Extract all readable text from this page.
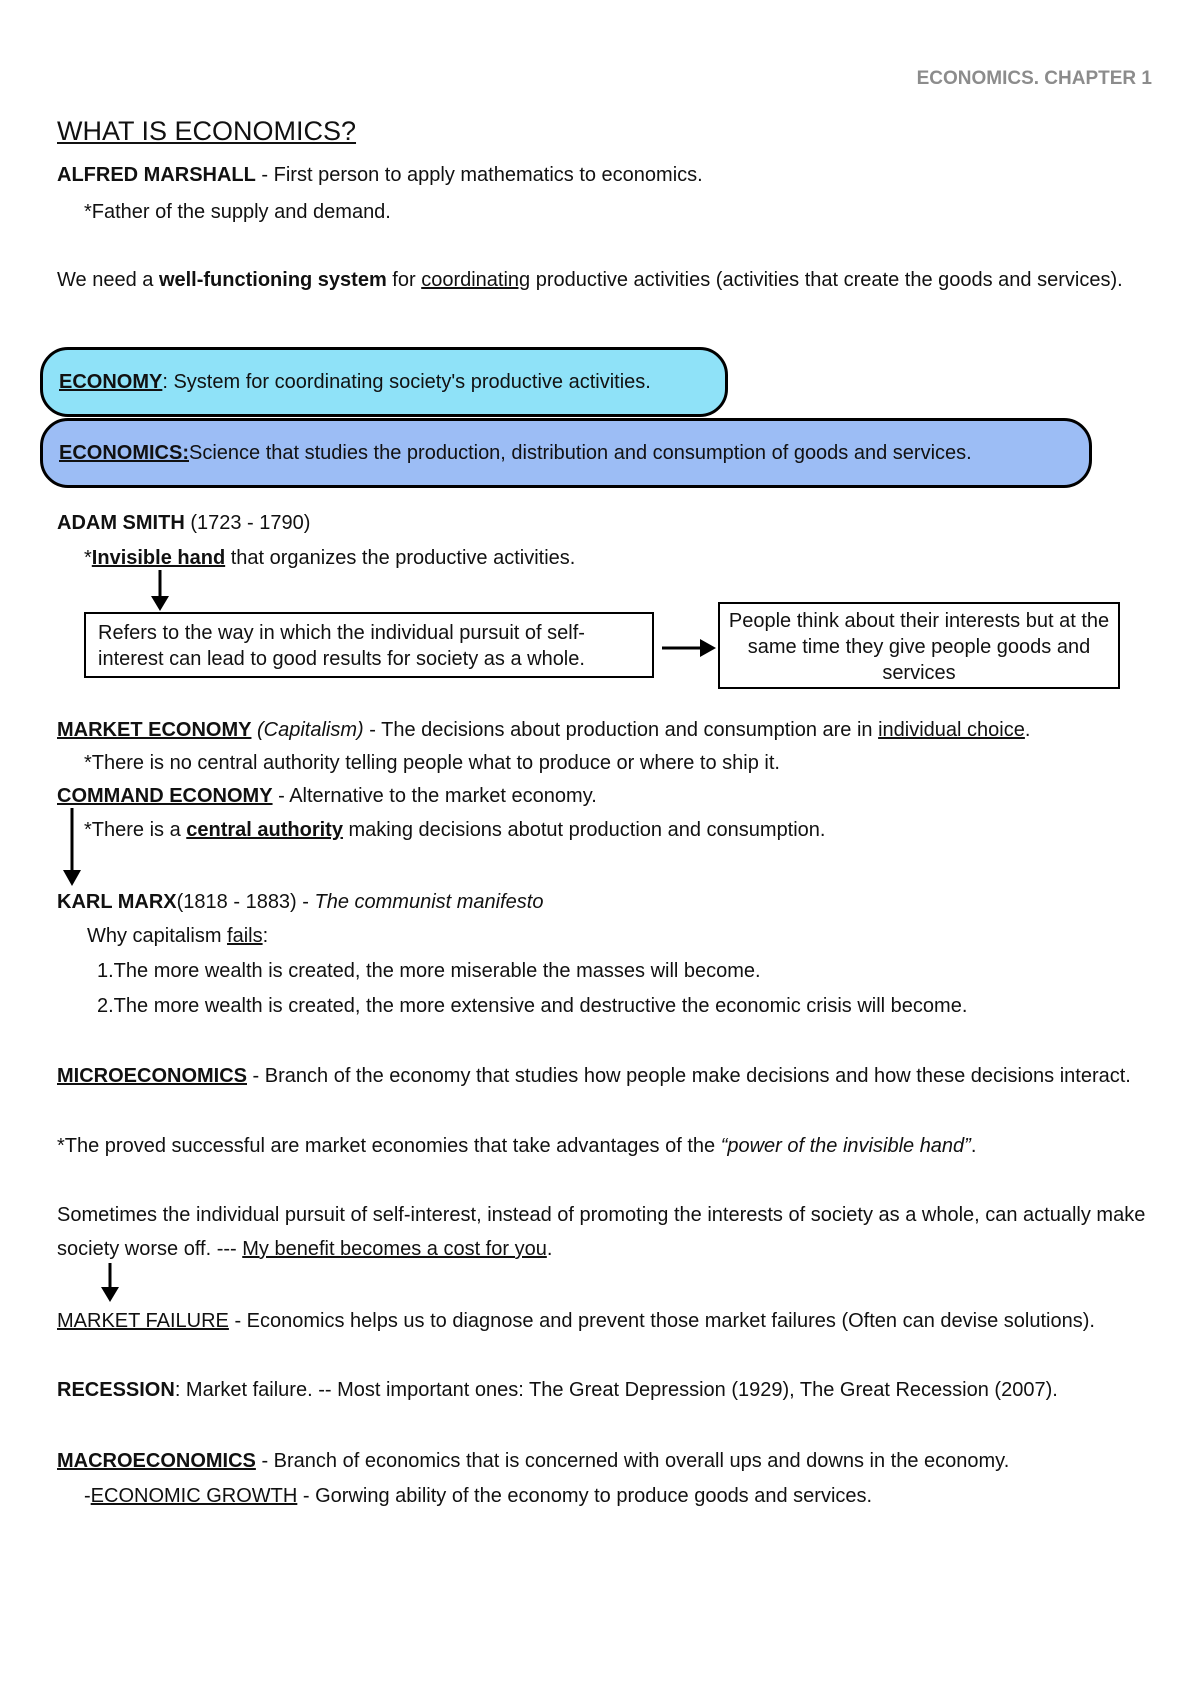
ECONOMICS. CHAPTER 1
WHAT IS ECONOMICS?
ALFRED MARSHALL - First person to apply mathematics to economics.
*Father of the supply and demand.
We need a well-functioning system for coordinating productive activities (activities that create the goods and services).
ECONOMY : System for coordinating society's productive activities.
ECONOMICS: Science that studies the production, distribution and consumption of goods and services.
ADAM SMITH (1723 - 1790)
*Invisible hand that organizes the productive activities.
Refers to the way in which the individual pursuit of self-interest can lead to good results for society as a whole.
People think about their interests but at the same time they give people goods and services
MARKET ECONOMY (Capitalism) - The decisions about production and consumption are in individual choice.
*There is no central authority telling people what to produce or where to ship it.
COMMAND ECONOMY - Alternative to the market economy.
*There is a central authority making decisions abotut production and consumption.
KARL MARX(1818 - 1883) - The communist manifesto
Why capitalism fails:
1.The more wealth is created, the more miserable the masses will become.
2.The more wealth is created, the more extensive and destructive the economic crisis will become.
MICROECONOMICS - Branch of the economy that studies how people make decisions and how these decisions interact.
*The proved successful are market economies that take advantages of the “power of the invisible hand”.
Sometimes the individual pursuit of self-interest, instead of promoting the interests of society as a whole, can actually make society worse off. --- My benefit becomes a cost for you.
MARKET FAILURE - Economics helps us to diagnose and prevent those market failures (Often can devise solutions).
RECESSION: Market failure. -- Most important ones: The Great Depression (1929), The Great Recession (2007).
MACROECONOMICS - Branch of economics that is concerned with overall ups and downs in the economy.
-ECONOMIC GROWTH - Gorwing ability of the economy to produce goods and services.
